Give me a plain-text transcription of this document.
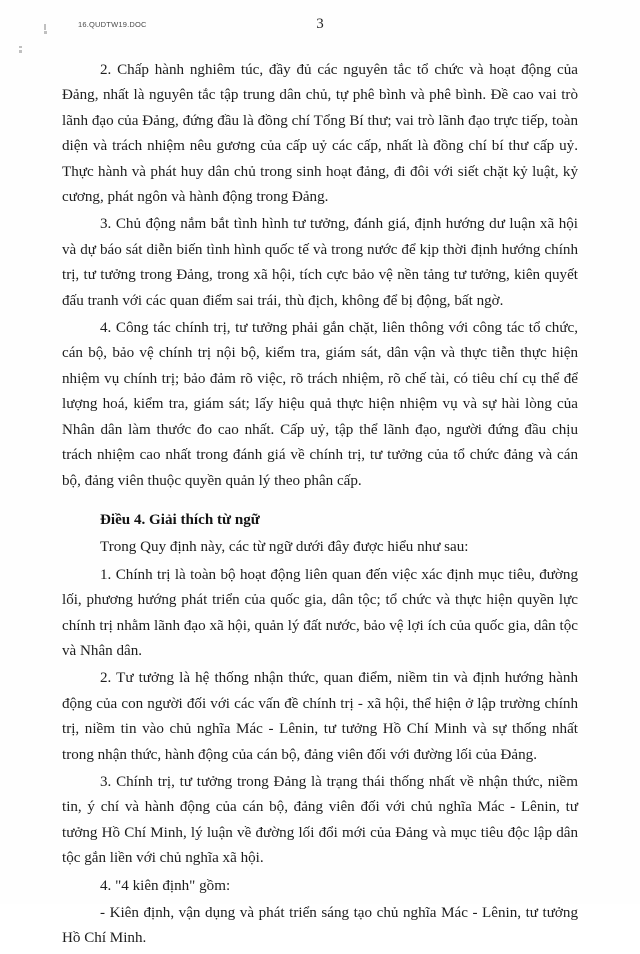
16.QUDTW19.DOC	3

2. Chấp hành nghiêm túc, đầy đủ các nguyên tắc tổ chức và hoạt động của Đảng, nhất là nguyên tắc tập trung dân chủ, tự phê bình và phê bình. Đề cao vai trò lãnh đạo của Đảng, đứng đầu là đồng chí Tổng Bí thư; vai trò lãnh đạo trực tiếp, toàn diện và trách nhiệm nêu gương của cấp uỷ các cấp, nhất là đồng chí bí thư cấp uỷ. Thực hành và phát huy dân chủ trong sinh hoạt đảng, đi đôi với siết chặt kỷ luật, kỷ cương, phát ngôn và hành động trong Đảng.

3. Chủ động nắm bắt tình hình tư tưởng, đánh giá, định hướng dư luận xã hội và dự báo sát diễn biến tình hình quốc tế và trong nước để kịp thời định hướng chính trị, tư tưởng trong Đảng, trong xã hội, tích cực bảo vệ nền tảng tư tưởng, kiên quyết đấu tranh với các quan điểm sai trái, thù địch, không để bị động, bất ngờ.

4. Công tác chính trị, tư tưởng phải gắn chặt, liên thông với công tác tổ chức, cán bộ, bảo vệ chính trị nội bộ, kiểm tra, giám sát, dân vận và thực tiễn thực hiện nhiệm vụ chính trị; bảo đảm rõ việc, rõ trách nhiệm, rõ chế tài, có tiêu chí cụ thể để lượng hoá, kiểm tra, giám sát; lấy hiệu quả thực hiện nhiệm vụ và sự hài lòng của Nhân dân làm thước đo cao nhất. Cấp uỷ, tập thể lãnh đạo, người đứng đầu chịu trách nhiệm cao nhất trong đánh giá về chính trị, tư tưởng của tổ chức đảng và cán bộ, đảng viên thuộc quyền quản lý theo phân cấp.

Điều 4. Giải thích từ ngữ

Trong Quy định này, các từ ngữ dưới đây được hiểu như sau:

1. Chính trị là toàn bộ hoạt động liên quan đến việc xác định mục tiêu, đường lối, phương hướng phát triển của quốc gia, dân tộc; tổ chức và thực hiện quyền lực chính trị nhằm lãnh đạo xã hội, quản lý đất nước, bảo vệ lợi ích của quốc gia, dân tộc và Nhân dân.

2. Tư tưởng là hệ thống nhận thức, quan điểm, niềm tin và định hướng hành động của con người đối với các vấn đề chính trị - xã hội, thể hiện ở lập trường chính trị, niềm tin vào chủ nghĩa Mác - Lênin, tư tưởng Hồ Chí Minh và sự thống nhất trong nhận thức, hành động của cán bộ, đảng viên đối với đường lối của Đảng.

3. Chính trị, tư tưởng trong Đảng là trạng thái thống nhất về nhận thức, niềm tin, ý chí và hành động của cán bộ, đảng viên đối với chủ nghĩa Mác - Lênin, tư tưởng Hồ Chí Minh, lý luận về đường lối đổi mới của Đảng và mục tiêu độc lập dân tộc gắn liền với chủ nghĩa xã hội.

4. "4 kiên định" gồm:

- Kiên định, vận dụng và phát triển sáng tạo chủ nghĩa Mác - Lênin, tư tưởng Hồ Chí Minh.
